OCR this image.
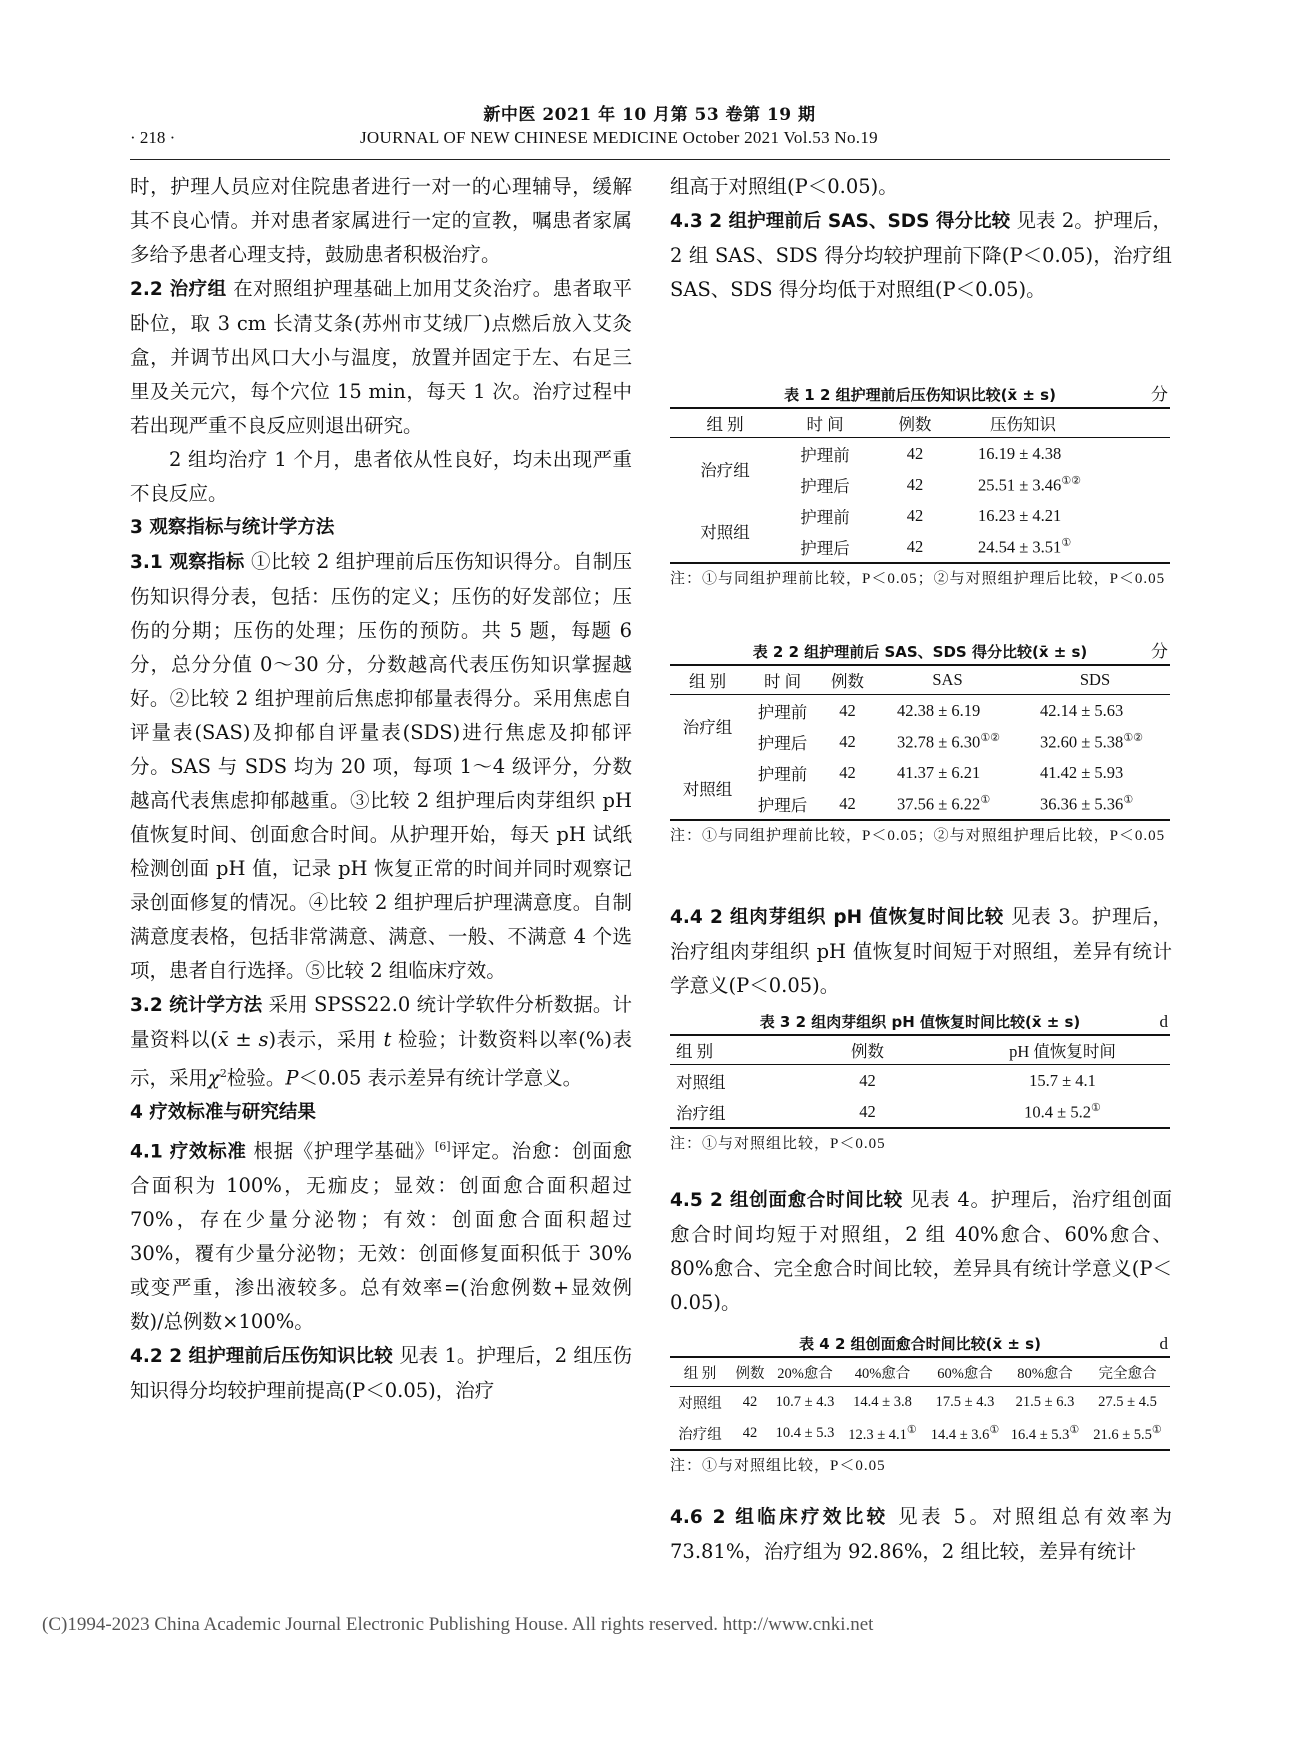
新中医 2021 年 10 月第 53 卷第 19 期
· 218 ·	JOURNAL OF NEW CHINESE MEDICINE October 2021 Vol.53 No.19

时，护理人员应对住院患者进行一对一的心理辅导，缓解其不良心情。并对患者家属进行一定的宣教，嘱患者家属多给予患者心理支持，鼓励患者积极治疗。

2.2 治疗组 在对照组护理基础上加用艾灸治疗。患者取平卧位，取 3 cm 长清艾条(苏州市艾绒厂)点燃后放入艾灸盒，并调节出风口大小与温度，放置并固定于左、右足三里及关元穴，每个穴位 15 min，每天 1 次。治疗过程中若出现严重不良反应则退出研究。

2 组均治疗 1 个月，患者依从性良好，均未出现严重不良反应。

3 观察指标与统计学方法

3.1 观察指标 ①比较 2 组护理前后压伤知识得分。自制压伤知识得分表，包括：压伤的定义；压伤的好发部位；压伤的分期；压伤的处理；压伤的预防。共 5 题，每题 6 分，总分分值 0～30 分，分数越高代表压伤知识掌握越好。②比较 2 组护理前后焦虑抑郁量表得分。采用焦虑自评量表(SAS)及抑郁自评量表(SDS)进行焦虑及抑郁评分。SAS 与 SDS 均为 20 项，每项 1～4 级评分，分数越高代表焦虑抑郁越重。③比较 2 组护理后肉芽组织 pH 值恢复时间、创面愈合时间。从护理开始，每天 pH 试纸检测创面 pH 值，记录 pH 恢复正常的时间并同时观察记录创面修复的情况。④比较 2 组护理后护理满意度。自制满意度表格，包括非常满意、满意、一般、不满意 4 个选项，患者自行选择。⑤比较 2 组临床疗效。

3.2 统计学方法 采用 SPSS22.0 统计学软件分析数据。计量资料以(x̄ ± s)表示，采用 t 检验；计数资料以率(%)表示，采用$\chi^2$检验。P＜0.05 表示差异有统计学意义。

4 疗效标准与研究结果

4.1 疗效标准 根据《护理学基础》[6]评定。治愈：创面愈合面积为 100%，无痂皮；显效：创面愈合面积超过 70%，存在少量分泌物；有效：创面愈合面积超过 30%，覆有少量分泌物；无效：创面修复面积低于 30%或变严重，渗出液较多。总有效率=(治愈例数+显效例数)/总例数×100%。

4.2 2 组护理前后压伤知识比较 见表 1。护理后，2 组压伤知识得分均较护理前提高(P＜0.05)，治疗

组高于对照组(P＜0.05)。

4.3 2 组护理前后 SAS、SDS 得分比较 见表 2。护理后，2 组 SAS、SDS 得分均较护理前下降(P＜0.05)，治疗组 SAS、SDS 得分均低于对照组(P＜0.05)。

表 1 2 组护理前后压伤知识比较(x̄ ± s)	分
组 别	时 间	例数	压伤知识
治疗组	护理前	42	16.19 ± 4.38
	护理后	42	25.51 ± 3.46①②
对照组	护理前	42	16.23 ± 4.21
	护理后	42	24.54 ± 3.51①
注：①与同组护理前比较，P＜0.05；②与对照组护理后比较，P＜0.05
表 2 2 组护理前后 SAS、SDS 得分比较(x̄ ± s)	分
组 别	时 间	例数	SAS	SDS
治疗组	护理前	42	42.38 ± 6.19	42.14 ± 5.63
	护理后	42	32.78 ± 6.30①②	32.60 ± 5.38①②
对照组	护理前	42	41.37 ± 6.21	41.42 ± 5.93
	护理后	42	37.56 ± 6.22①	36.36 ± 5.36①
注：①与同组护理前比较，P＜0.05；②与对照组护理后比较，P＜0.05

4.4 2 组肉芽组织 pH 值恢复时间比较 见表 3。护理后，治疗组肉芽组织 pH 值恢复时间短于对照组，差异有统计学意义(P＜0.05)。

表 3 2 组肉芽组织 pH 值恢复时间比较(x̄ ± s)	d
组 别	例数	pH 值恢复时间
对照组	42	15.7 ± 4.1
治疗组	42	10.4 ± 5.2①
注：①与对照组比较，P＜0.05

4.5 2 组创面愈合时间比较 见表 4。护理后，治疗组创面愈合时间均短于对照组，2 组 40%愈合、60%愈合、80%愈合、完全愈合时间比较，差异具有统计学意义(P＜0.05)。

表 4 2 组创面愈合时间比较(x̄ ± s)	d
组 别	例数	20%愈合	40%愈合	60%愈合	80%愈合	完全愈合
对照组	42	10.7 ± 4.3	14.4 ± 3.8	17.5 ± 4.3	21.5 ± 6.3	27.5 ± 4.5
治疗组	42	10.4 ± 5.3	12.3 ± 4.1①	14.4 ± 3.6①	16.4 ± 5.3①	21.6 ± 5.5①
注：①与对照组比较，P＜0.05

4.6 2 组临床疗效比较 见表 5。对照组总有效率为 73.81%，治疗组为 92.86%，2 组比较，差异有统计

(C)1994-2023 China Academic Journal Electronic Publishing House. All rights reserved. http://www.cnki.net
